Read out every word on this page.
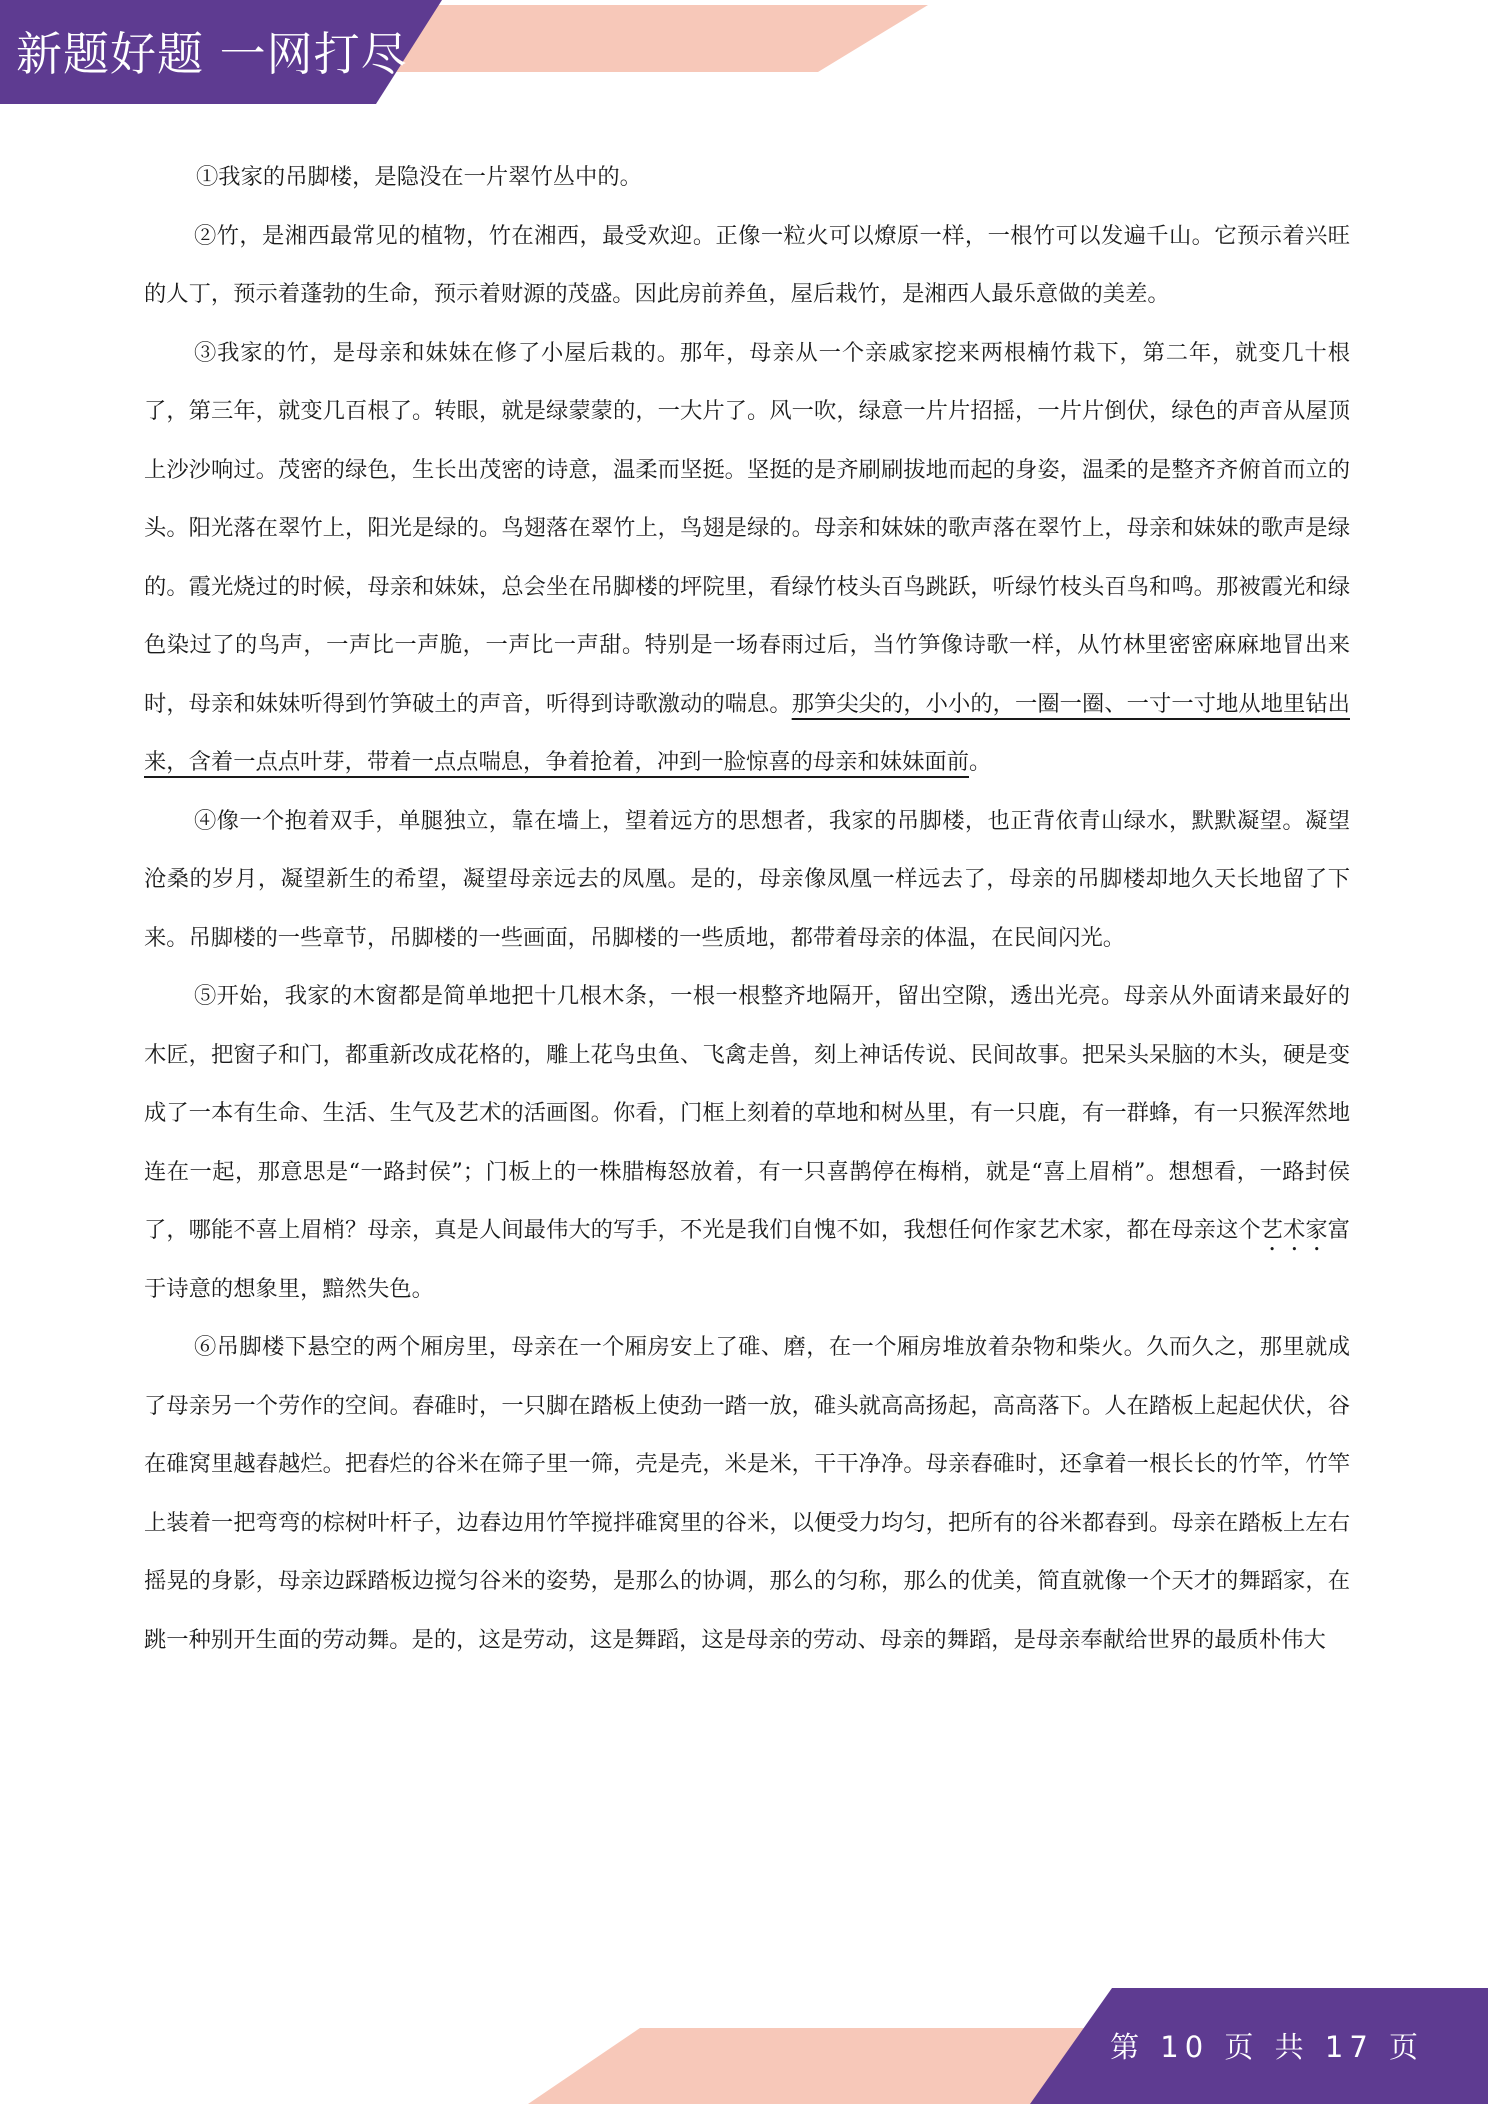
新题好题 一网打尽

①我家的吊脚楼，是隐没在一片翠竹丛中的。

②竹，是湘西最常见的植物，竹在湘西，最受欢迎。正像一粒火可以燎原一样，一根竹可以发遍千山。它预示着兴旺的人丁，预示着蓬勃的生命，预示着财源的茂盛。因此房前养鱼，屋后栽竹，是湘西人最乐意做的美差。

③我家的竹，是母亲和妹妹在修了小屋后栽的。那年，母亲从一个亲戚家挖来两根楠竹栽下，第二年，就变几十根了，第三年，就变几百根了。转眼，就是绿蒙蒙的，一大片了。风一吹，绿意一片片招摇，一片片倒伏，绿色的声音从屋顶上沙沙响过。茂密的绿色，生长出茂密的诗意，温柔而坚挺。坚挺的是齐刷刷拔地而起的身姿，温柔的是整齐齐俯首而立的头。阳光落在翠竹上，阳光是绿的。鸟翅落在翠竹上，鸟翅是绿的。母亲和妹妹的歌声落在翠竹上，母亲和妹妹的歌声是绿的。霞光烧过的时候，母亲和妹妹，总会坐在吊脚楼的坪院里，看绿竹枝头百鸟跳跃，听绿竹枝头百鸟和鸣。那被霞光和绿色染过了的鸟声，一声比一声脆，一声比一声甜。特别是一场春雨过后，当竹笋像诗歌一样，从竹林里密密麻麻地冒出来时，母亲和妹妹听得到竹笋破土的声音，听得到诗歌激动的喘息。那笋尖尖的，小小的，一圈一圈、一寸一寸地从地里钻出来，含着一点点叶芽，带着一点点喘息，争着抢着，冲到一脸惊喜的母亲和妹妹面前。

④像一个抱着双手，单腿独立，靠在墙上，望着远方的思想者，我家的吊脚楼，也正背依青山绿水，默默凝望。凝望沧桑的岁月，凝望新生的希望，凝望母亲远去的凤凰。是的，母亲像凤凰一样远去了，母亲的吊脚楼却地久天长地留了下来。吊脚楼的一些章节，吊脚楼的一些画面，吊脚楼的一些质地，都带着母亲的体温，在民间闪光。

⑤开始，我家的木窗都是简单地把十几根木条，一根一根整齐地隔开，留出空隙，透出光亮。母亲从外面请来最好的木匠，把窗子和门，都重新改成花格的，雕上花鸟虫鱼、飞禽走兽，刻上神话传说、民间故事。把呆头呆脑的木头，硬是变成了一本有生命、生活、生气及艺术的活画图。你看，门框上刻着的草地和树丛里，有一只鹿，有一群蜂，有一只猴浑然地连在一起，那意思是“一路封侯”；门板上的一株腊梅怒放着，有一只喜鹊停在梅梢，就是“喜上眉梢”。想想看，一路封侯了，哪能不喜上眉梢？母亲，真是人间最伟大的写手，不光是我们自愧不如，我想任何作家艺术家，都在母亲这个艺术家富于诗意的想象里，黯然失色。

⑥吊脚楼下悬空的两个厢房里，母亲在一个厢房安上了碓、磨，在一个厢房堆放着杂物和柴火。久而久之，那里就成了母亲另一个劳作的空间。舂碓时，一只脚在踏板上使劲一踏一放，碓头就高高扬起，高高落下。人在踏板上起起伏伏，谷在碓窝里越舂越烂。把舂烂的谷米在筛子里一筛，壳是壳，米是米，干干净净。母亲舂碓时，还拿着一根长长的竹竿，竹竿上装着一把弯弯的棕树叶杆子，边舂边用竹竿搅拌碓窝里的谷米，以便受力均匀，把所有的谷米都舂到。母亲在踏板上左右摇晃的身影，母亲边踩踏板边搅匀谷米的姿势，是那么的协调，那么的匀称，那么的优美，简直就像一个天才的舞蹈家，在跳一种别开生面的劳动舞。是的，这是劳动，这是舞蹈，这是母亲的劳动、母亲的舞蹈，是母亲奉献给世界的最质朴伟大

第 10 页 共 17 页
